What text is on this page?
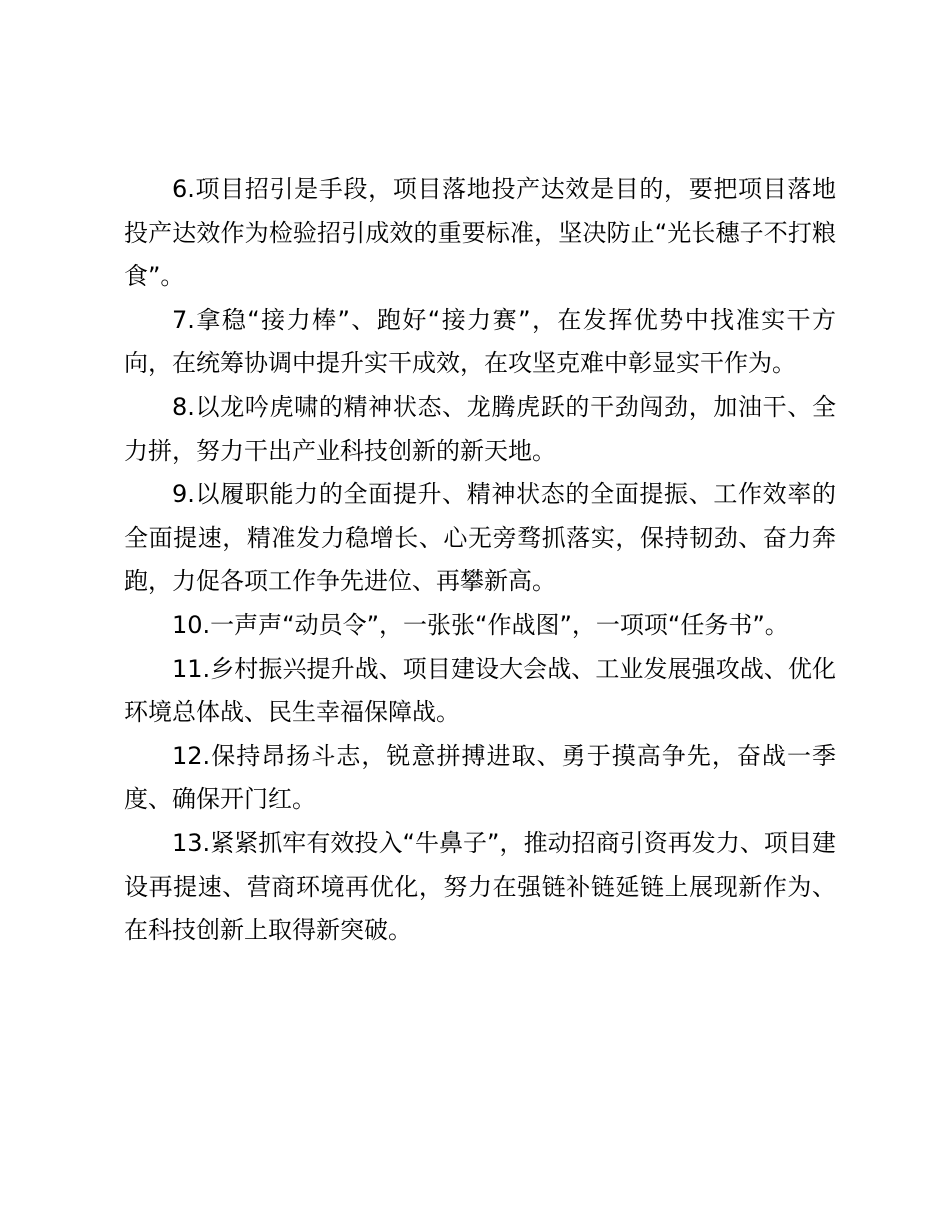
6.项目招引是手段，项目落地投产达效是目的，要把项目落地投产达效作为检验招引成效的重要标准，坚决防止“光长穗子不打粮食”。

7.拿稳“接力棒”、跑好“接力赛”，在发挥优势中找准实干方向，在统筹协调中提升实干成效，在攻坚克难中彰显实干作为。

8.以龙吟虎啸的精神状态、龙腾虎跃的干劲闯劲，加油干、全力拼，努力干出产业科技创新的新天地。

9.以履职能力的全面提升、精神状态的全面提振、工作效率的全面提速，精准发力稳增长、心无旁骛抓落实，保持韧劲、奋力奔跑，力促各项工作争先进位、再攀新高。

10.一声声“动员令”，一张张“作战图”，一项项“任务书”。

11.乡村振兴提升战、项目建设大会战、工业发展强攻战、优化环境总体战、民生幸福保障战。

12.保持昂扬斗志，锐意拼搏进取、勇于摸高争先，奋战一季度、确保开门红。

13.紧紧抓牢有效投入“牛鼻子”，推动招商引资再发力、项目建设再提速、营商环境再优化，努力在强链补链延链上展现新作为、在科技创新上取得新突破。
